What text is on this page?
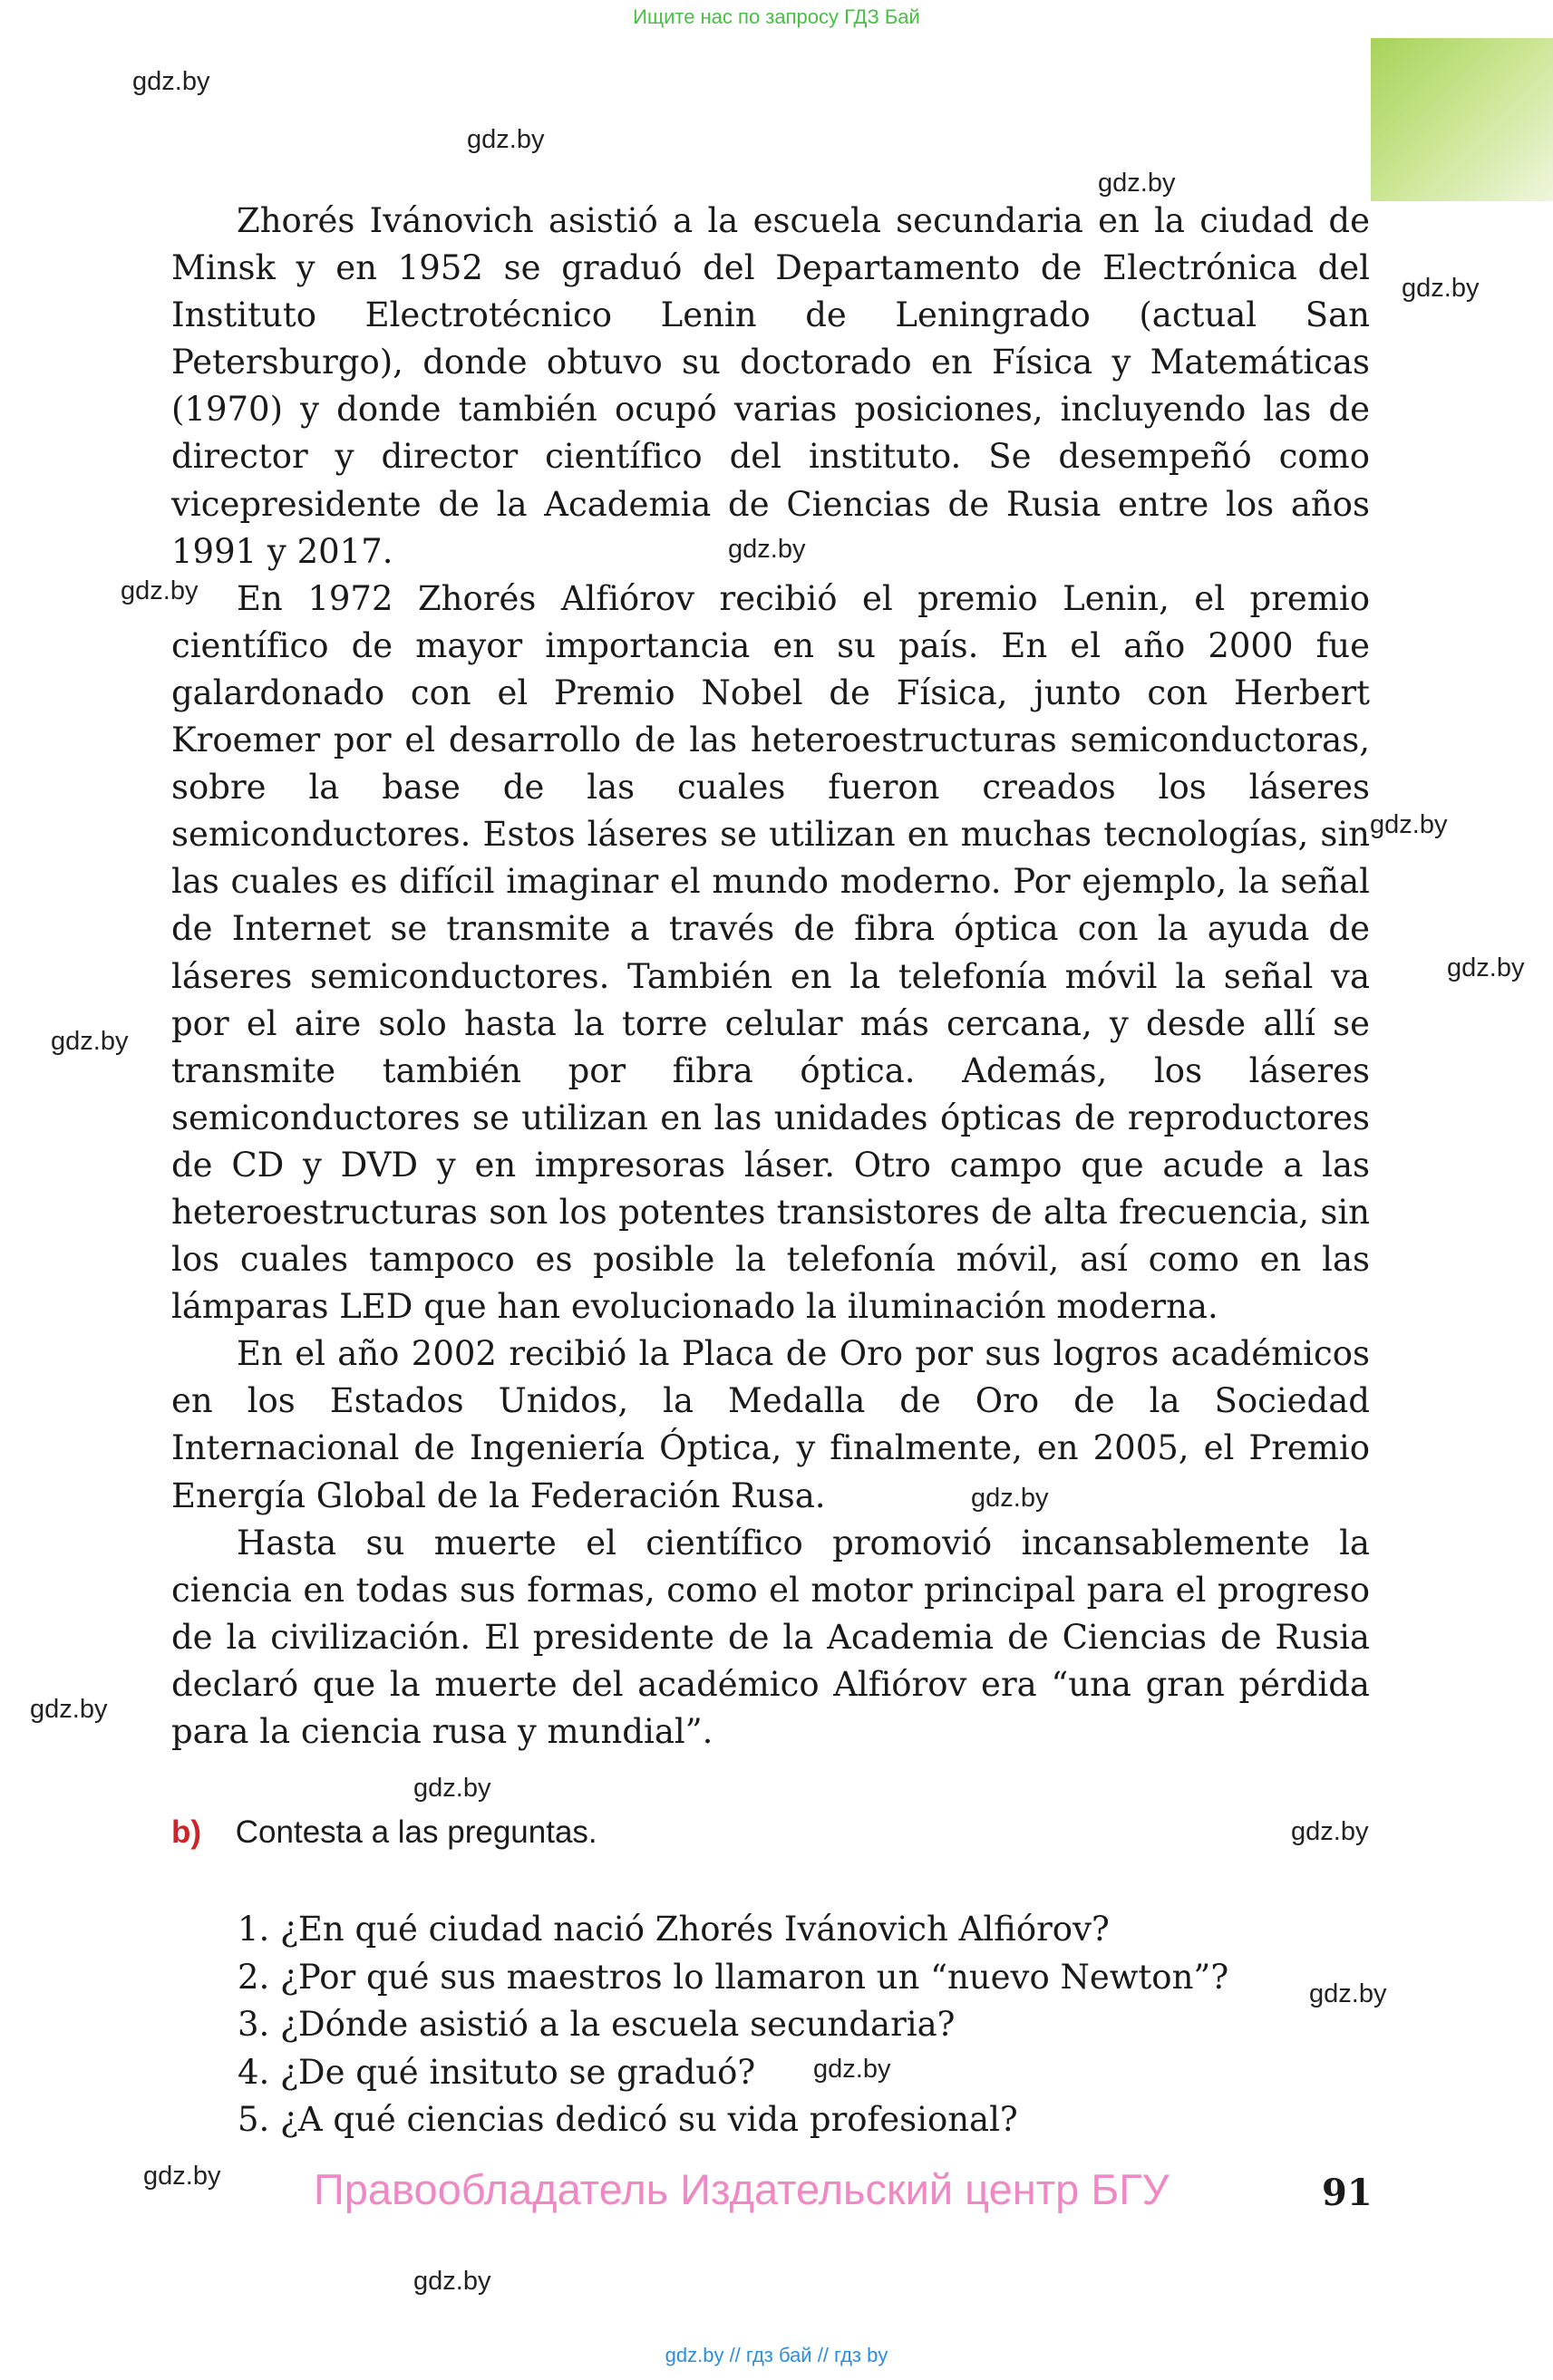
Ищите нас по запросу ГДЗ Бай
gdz.by
gdz.by
gdz.by
gdz.by
gdz.by
gdz.by
gdz.by
gdz.by
gdz.by
gdz.by
gdz.by
gdz.by
gdz.by
gdz.by
gdz.by
gdz.by
gdz.by

Zhorés Ivánovich asistió a la escuela secundaria en la ciudad de Minsk y en 1952 se graduó del Departamento de Electrónica del Instituto Electrotécnico Lenin de Leningrado (actual San Petersburgo), donde obtuvo su doctorado en Física y Matemáticas (1970) y donde también ocupó varias posiciones, incluyendo las de director y director científico del instituto. Se desempeñó como vicepresidente de la Academia de Ciencias de Rusia entre los años 1991 y 2017.

En 1972 Zhorés Alfiórov recibió el premio Lenin, el premio científico de mayor importancia en su país. En el año 2000 fue galardonado con el Premio Nobel de Física, junto con Herbert Kroemer por el desarrollo de las heteroestructuras semiconductoras, sobre la base de las cuales fueron creados los láseres semiconductores. Estos láseres se utilizan en muchas tecnologías, sin las cuales es difícil imaginar el mundo moderno. Por ejemplo, la señal de Internet se transmite a través de fibra óptica con la ayuda de láseres semiconductores. También en la telefonía móvil la señal va por el aire solo hasta la torre celular más cercana, y desde allí se transmite también por fibra óptica. Además, los láseres semiconductores se utilizan en las unidades ópticas de reproductores de CD y DVD y en impresoras láser. Otro campo que acude a las heteroestructuras son los potentes transistores de alta frecuencia, sin los cuales tampoco es posible la telefonía móvil, así como en las lámparas LED que han evolucionado la iluminación moderna.

En el año 2002 recibió la Placa de Oro por sus logros académicos en los Estados Unidos, la Medalla de Oro de la Sociedad Internacional de Ingeniería Óptica, y finalmente, en 2005, el Premio Energía Global de la Federación Rusa.

Hasta su muerte el científico promovió incansablemente la ciencia en todas sus formas, como el motor principal para el progreso de la civilización. El presidente de la Academia de Ciencias de Rusia declaró que la muerte del académico Alfiórov era “una gran pérdida para la ciencia rusa y mundial”.

b) Contesta a las preguntas.
1. ¿En qué ciudad nació Zhorés Ivánovich Alfiórov?
2. ¿Por qué sus maestros lo llamaron un “nuevo Newton”?
3. ¿Dónde asistió a la escuela secundaria?
4. ¿De qué insituto se graduó?
5. ¿A qué ciencias dedicó su vida profesional?
Правообладатель Издательский центр БГУ	91
gdz.by // гдз бай // гдз by
